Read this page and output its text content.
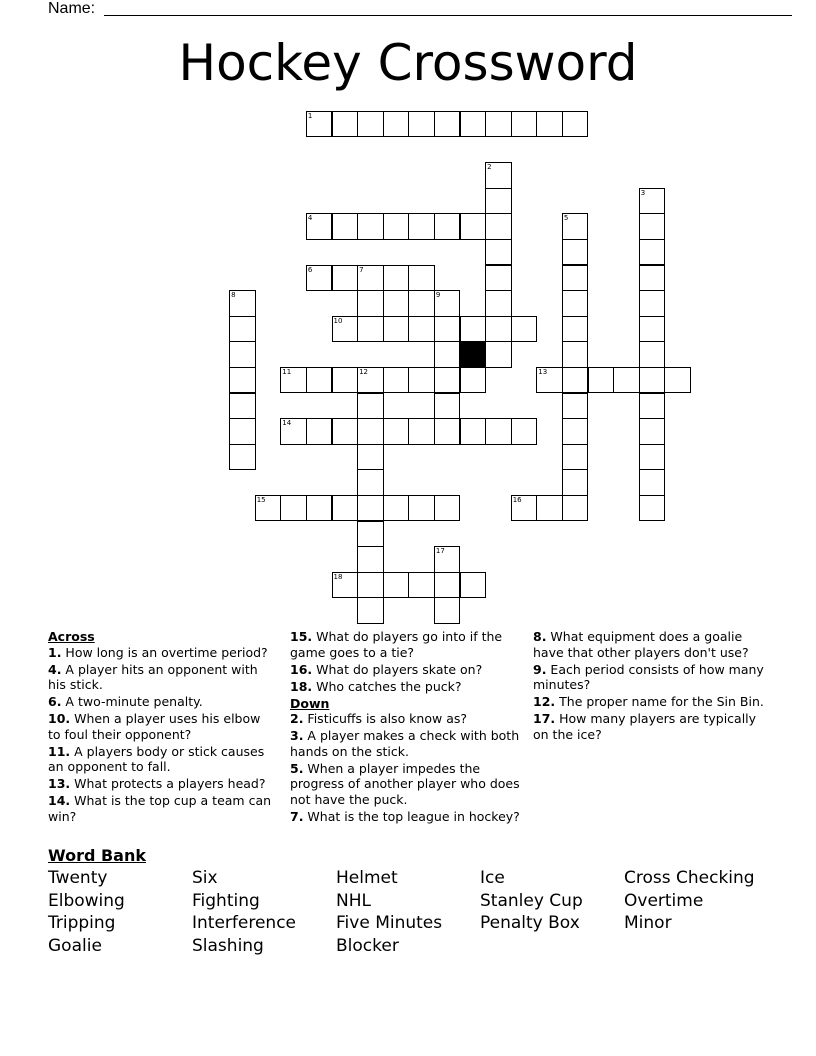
Name:
Hockey Crossword
1
2
3
4	5
6	7
8	9
10
11	12	13
14
15	16
17
18
Across
1. How long is an overtime period?
4. A player hits an opponent with his stick.
6. A two-minute penalty.
10. When a player uses his elbow to foul their opponent?
11. A players body or stick causes an opponent to fall.
13. What protects a players head?
14. What is the top cup a team can win?
15. What do players go into if the game goes to a tie?
16. What do players skate on?
18. Who catches the puck?
Down
2. Fisticuffs is also know as?
3. A player makes a check with both hands on the stick.
5. When a player impedes the progress of another player who does not have the puck.
7. What is the top league in hockey?
8. What equipment does a goalie have that other players don't use?
9. Each period consists of how many minutes?
12. The proper name for the Sin Bin.
17. How many players are typically on the ice?
Word Bank
Twenty
Elbowing
Tripping
Goalie
Six
Fighting
Interference
Slashing
Helmet
NHL
Five Minutes
Blocker
Ice
Stanley Cup
Penalty Box
Cross Checking
Overtime
Minor
